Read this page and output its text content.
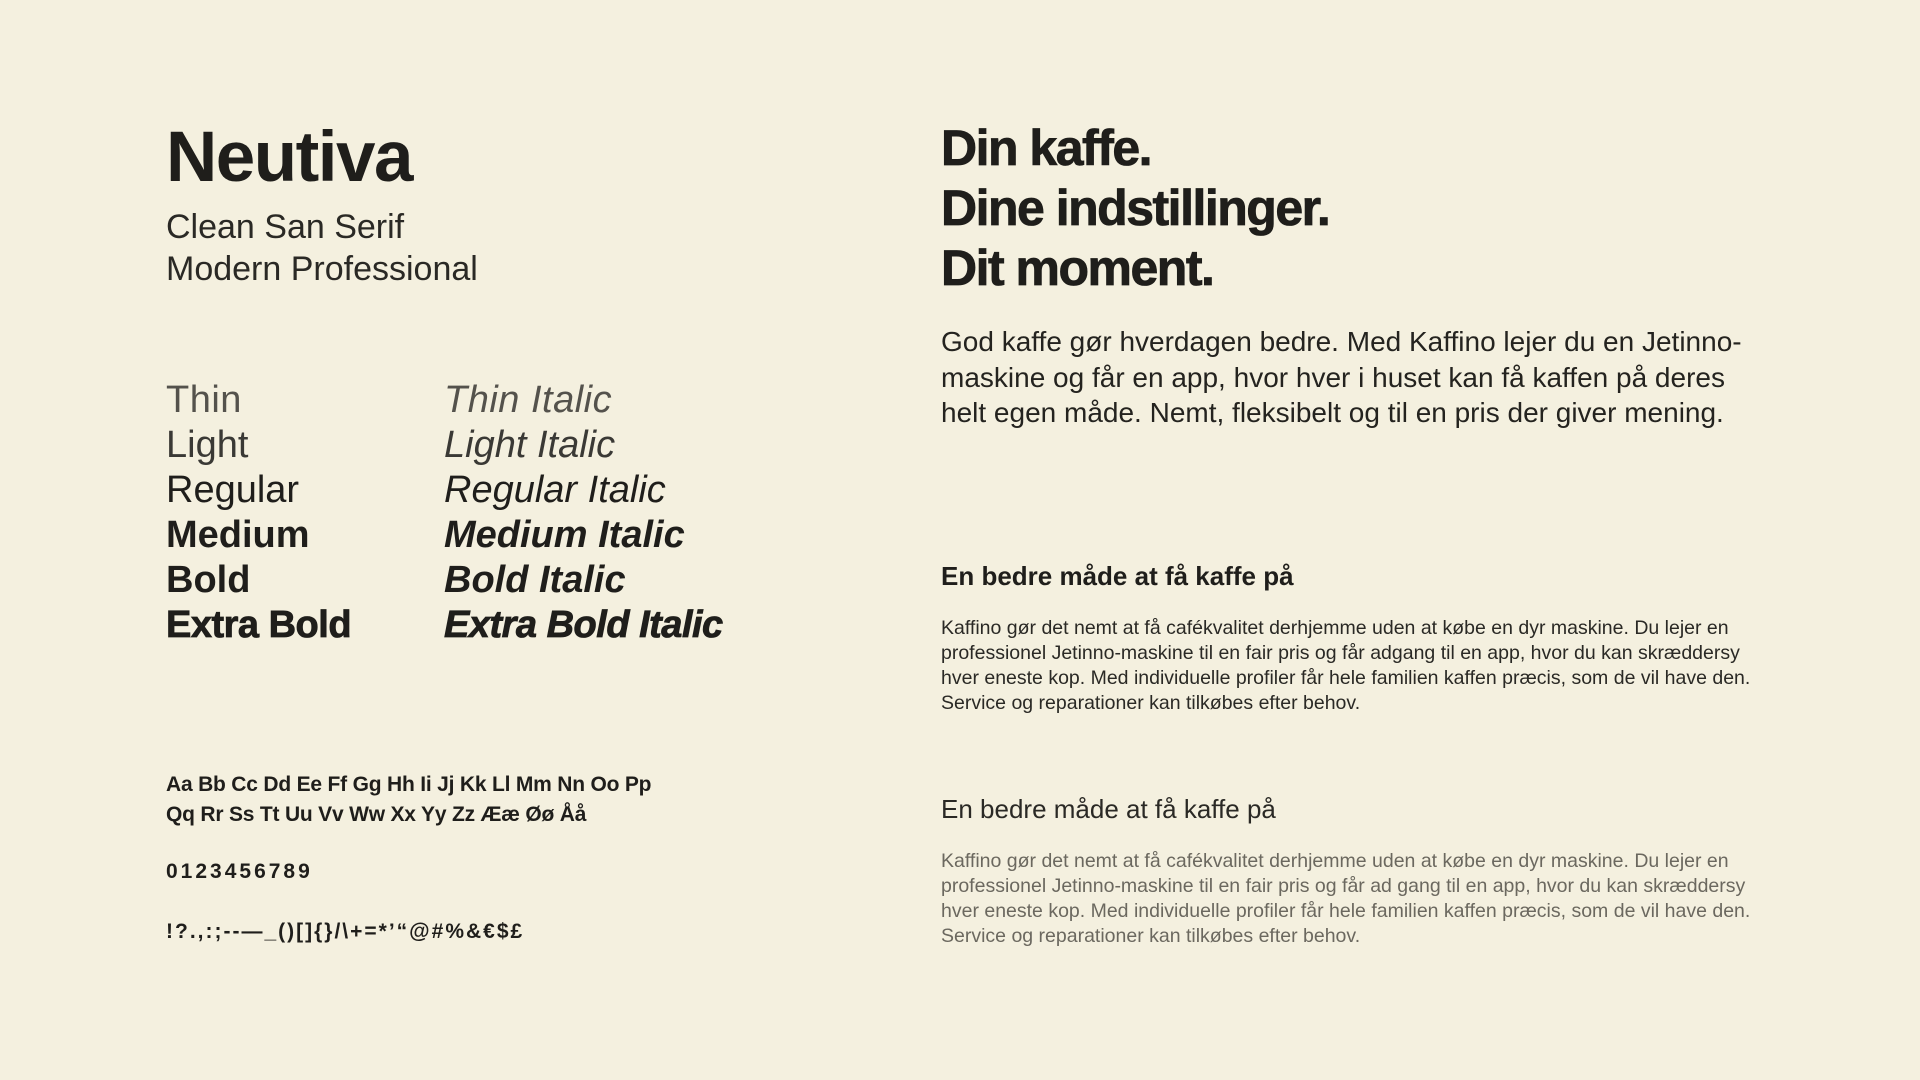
Neutiva
Clean San Serif
Modern Professional
Thin	Thin Italic
Light	Light Italic
Regular	Regular Italic
Medium	Medium Italic
Bold	Bold Italic
Extra Bold	Extra Bold Italic
Aa Bb Cc Dd Ee Ff Gg Hh Ii Jj Kk Ll Mm Nn Oo Pp
Qq Rr Ss Tt Uu Vv Ww Xx Yy Zz Ææ Øø Åå
0123456789
!?.,:;--—_()[]{}/\+=*’“@#%&€$£
Din kaffe.
Dine indstillinger.
Dit moment.

God kaffe gør hverdagen bedre. Med Kaffino lejer du en Jetinno-maskine og får en app, hvor hver i huset kan få kaffen på deres helt egen måde. Nemt, fleksibelt og til en pris der giver mening.

En bedre måde at få kaffe på

Kaffino gør det nemt at få cafékvalitet derhjemme uden at købe en dyr maskine. Du lejer en professionel Jetinno-maskine til en fair pris og får adgang til en app, hvor du kan skræddersy hver eneste kop. Med individuelle profiler får hele familien kaffen præcis, som de vil have den. Service og reparationer kan tilkøbes efter behov.

En bedre måde at få kaffe på

Kaffino gør det nemt at få cafékvalitet derhjemme uden at købe en dyr maskine. Du lejer en professionel Jetinno-maskine til en fair pris og får ad gang til en app, hvor du kan skræddersy hver eneste kop. Med individuelle profiler får hele familien kaffen præcis, som de vil have den. Service og reparationer kan tilkøbes efter behov.
